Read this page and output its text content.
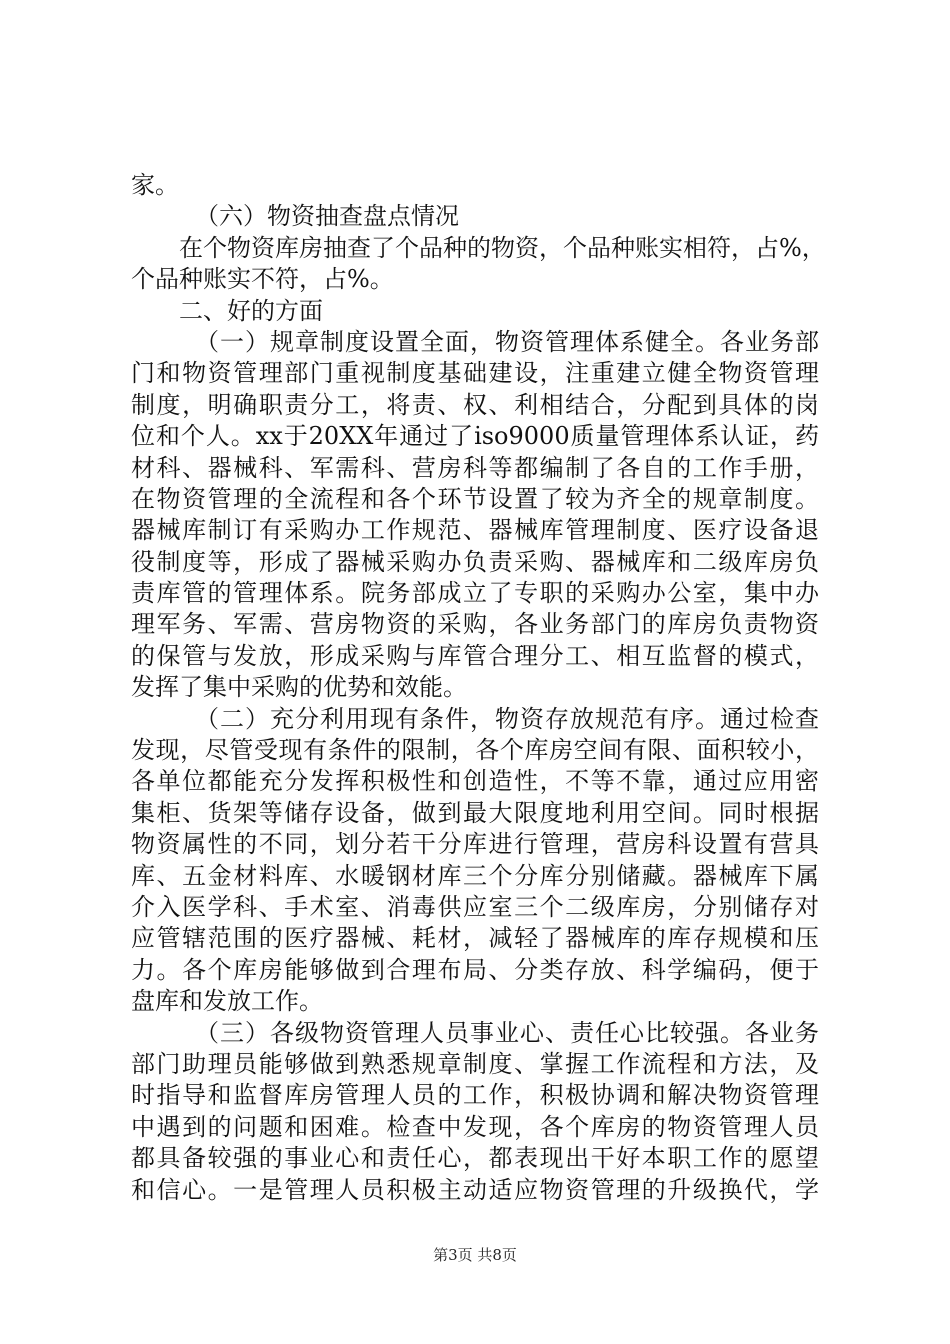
家。
（六）物资抽查盘点情况
在个物资库房抽查了个品种的物资，个品种账实相符，占%，
个品种账实不符，占%。
二、好的方面
（一）规章制度设置全面，物资管理体系健全。各业务部
门和物资管理部门重视制度基础建设，注重建立健全物资管理
制度，明确职责分工，将责、权、利相结合，分配到具体的岗
位和个人。xx于20XX年通过了iso9000质量管理体系认证，药
材科、器械科、军需科、营房科等都编制了各自的工作手册，
在物资管理的全流程和各个环节设置了较为齐全的规章制度。
器械库制订有采购办工作规范、器械库管理制度、医疗设备退
役制度等，形成了器械采购办负责采购、器械库和二级库房负
责库管的管理体系。院务部成立了专职的采购办公室，集中办
理军务、军需、营房物资的采购，各业务部门的库房负责物资
的保管与发放，形成采购与库管合理分工、相互监督的模式，
发挥了集中采购的优势和效能。
（二）充分利用现有条件，物资存放规范有序。通过检查
发现，尽管受现有条件的限制，各个库房空间有限、面积较小，
各单位都能充分发挥积极性和创造性，不等不靠，通过应用密
集柜、货架等储存设备，做到最大限度地利用空间。同时根据
物资属性的不同，划分若干分库进行管理，营房科设置有营具
库、五金材料库、水暖钢材库三个分库分别储藏。器械库下属
介入医学科、手术室、消毒供应室三个二级库房，分别储存对
应管辖范围的医疗器械、耗材，减轻了器械库的库存规模和压
力。各个库房能够做到合理布局、分类存放、科学编码，便于
盘库和发放工作。
（三）各级物资管理人员事业心、责任心比较强。各业务
部门助理员能够做到熟悉规章制度、掌握工作流程和方法，及
时指导和监督库房管理人员的工作，积极协调和解决物资管理
中遇到的问题和困难。检查中发现，各个库房的物资管理人员
都具备较强的事业心和责任心，都表现出干好本职工作的愿望
和信心。一是管理人员积极主动适应物资管理的升级换代，学
第3页 共8页
